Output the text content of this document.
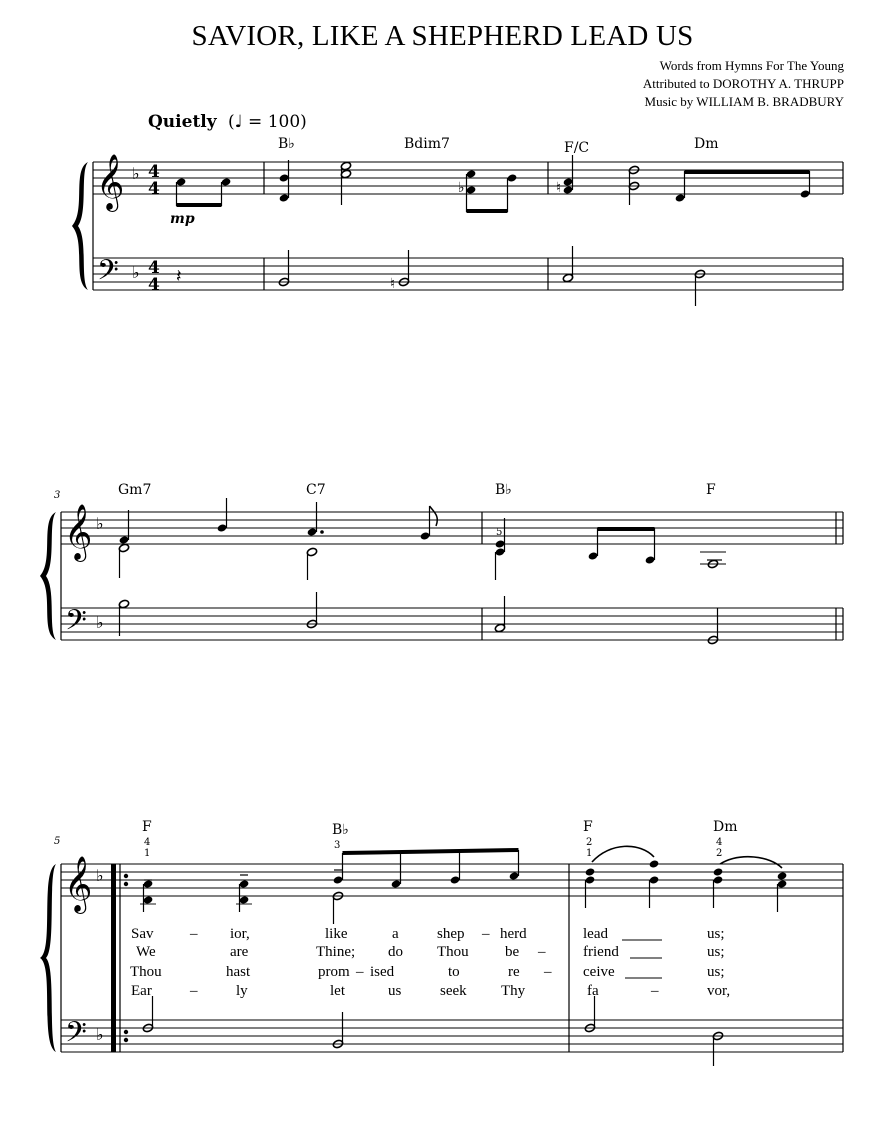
SAVIOR, LIKE A SHEPHERD LEAD US
Words from Hymns For The Young
Attributed to DOROTHY A. THRUPP
Music by WILLIAM B. BRADBURY
Quietly (♩ = 100)
B♭	Bdim7	F/C	Dm
𝄞
𝄢
♭
♭
4
4
4
4
mp
𝄽
♭	♮
♮
3	Gm7	C7	B♭	F
𝄞
𝄢
♭
♭
5
5
F	B♭	F	Dm
4
1
3	2
1
4
2
𝄞
𝄢
♭
♭
Sav – ior,	like	a	shep – herd	lead	us;
We	are	Thine; do Thou be –	friend	us;
Thou	hast	prom – ised	to	re – ceive	us;
Ear	–	ly	let	us	seek Thy	fa	–	vor,
